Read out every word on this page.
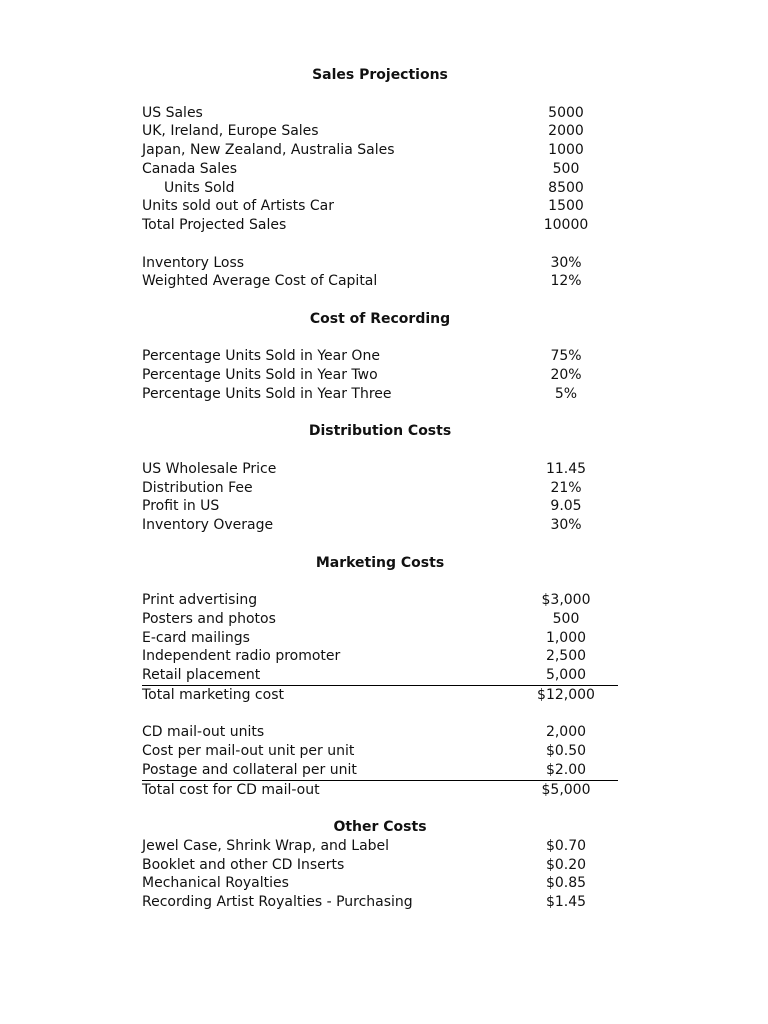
Sales Projections
US Sales	5000
UK, Ireland, Europe Sales	2000
Japan, New Zealand, Australia Sales	1000
Canada Sales	500
Units Sold	8500
Units sold out of Artists Car	1500
Total Projected Sales	10000
Inventory Loss	30%
Weighted Average Cost of Capital	12%
Cost of Recording
Percentage Units Sold in Year One	75%
Percentage Units Sold in Year Two	20%
Percentage Units Sold in Year Three	5%
Distribution Costs
US Wholesale Price	11.45
Distribution Fee	21%
Profit in US	9.05
Inventory Overage	30%
Marketing Costs
Print advertising	$3,000
Posters and photos	500
E-card mailings	1,000
Independent radio promoter	2,500
Retail placement	5,000
Total marketing cost	$12,000
CD mail-out units	2,000
Cost per mail-out unit per unit	$0.50
Postage and collateral per unit	$2.00
Total cost for CD mail-out	$5,000
Other Costs
Jewel Case, Shrink Wrap, and Label	$0.70
Booklet and other CD Inserts	$0.20
Mechanical Royalties	$0.85
Recording Artist Royalties - Purchasing	$1.45
